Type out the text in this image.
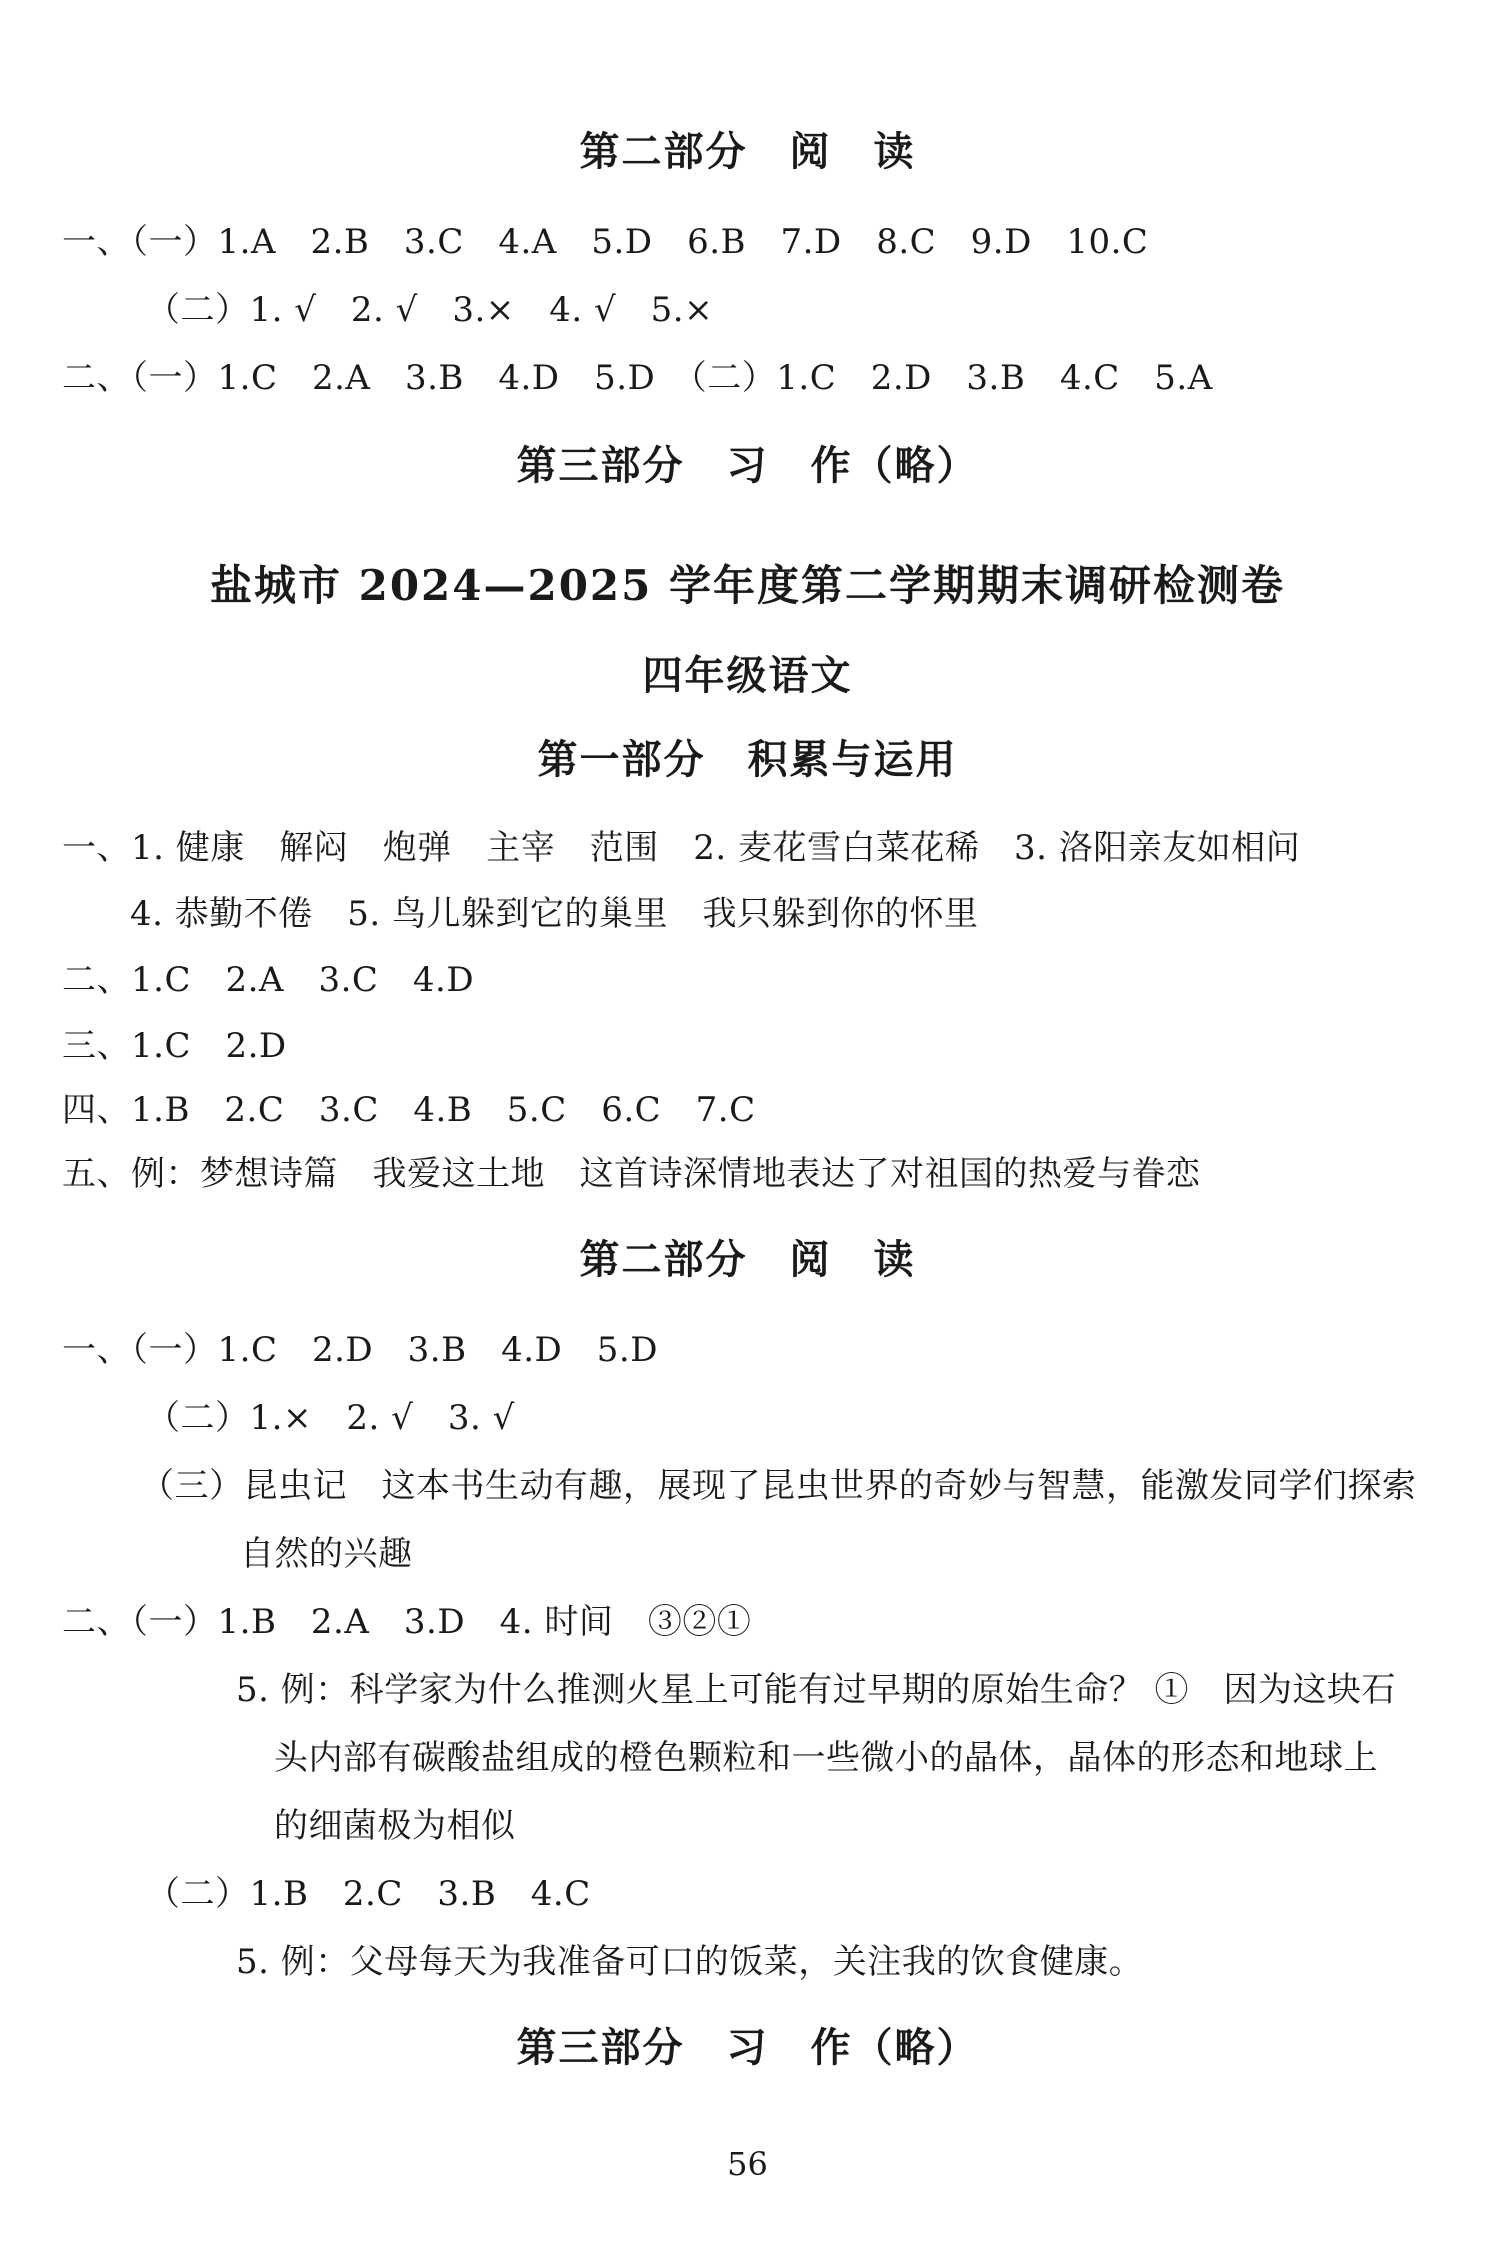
第二部分　阅　读
一、（一）1.A　2.B　3.C　4.A　5.D　6.B　7.D　8.C　9.D　10.C
（二）1. √　2. √　3.×　4. √　5.×
二、（一）1.C　2.A　3.B　4.D　5.D　（二）1.C　2.D　3.B　4.C　5.A
第三部分　习　作（略）
盐城市 2024—2025 学年度第二学期期末调研检测卷
四年级语文
第一部分　积累与运用
一、1. 健康　解闷　炮弹　主宰　范围　2. 麦花雪白菜花稀　3. 洛阳亲友如相问
4. 恭勤不倦　5. 鸟儿躲到它的巢里　我只躲到你的怀里
二、1.C　2.A　3.C　4.D
三、1.C　2.D
四、1.B　2.C　3.C　4.B　5.C　6.C　7.C
五、例：梦想诗篇　我爱这土地　这首诗深情地表达了对祖国的热爱与眷恋
第二部分　阅　读
一、（一）1.C　2.D　3.B　4.D　5.D
（二）1.×　2. √　3. √
（三）昆虫记　这本书生动有趣，展现了昆虫世界的奇妙与智慧，能激发同学们探索
自然的兴趣
二、（一）1.B　2.A　3.D　4. 时间　③②①
5. 例：科学家为什么推测火星上可能有过早期的原始生命？ ①　因为这块石
头内部有碳酸盐组成的橙色颗粒和一些微小的晶体，晶体的形态和地球上
的细菌极为相似
（二）1.B　2.C　3.B　4.C
5. 例：父母每天为我准备可口的饭菜，关注我的饮食健康。
第三部分　习　作（略）
56
